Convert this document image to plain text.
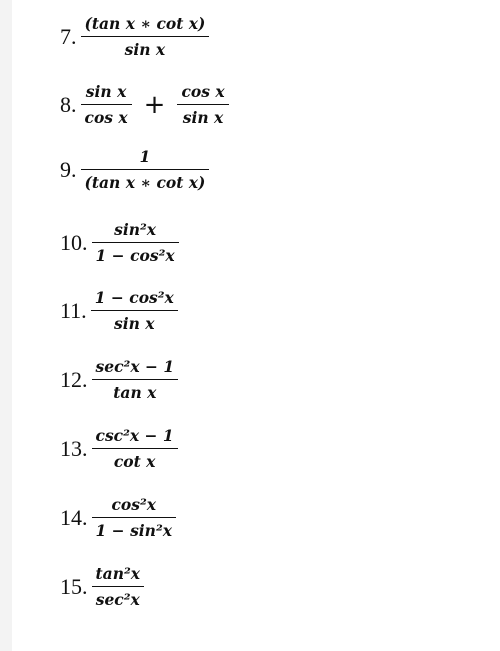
7. $\frac{\text{(tan x ∗ cot x)}}{\text{sin x}}$
8. $\frac{\text{sin x}}{\text{cos x}} + \frac{\text{cos x}}{\text{sin x}}$
9. $\frac{1}{\text{(tan x ∗ cot x)}}$
10. $\frac{\text{sin²x}}{\text{1 − cos²x}}$
11. $\frac{\text{1 − cos²x}}{\text{sin x}}$
12. $\frac{\text{sec²x − 1}}{\text{tan x}}$
13. $\frac{\text{csc²x − 1}}{\text{cot x}}$
14. $\frac{\text{cos²x}}{\text{1 − sin²x}}$
15. $\frac{\text{tan²x}}{\text{sec²x}}$
